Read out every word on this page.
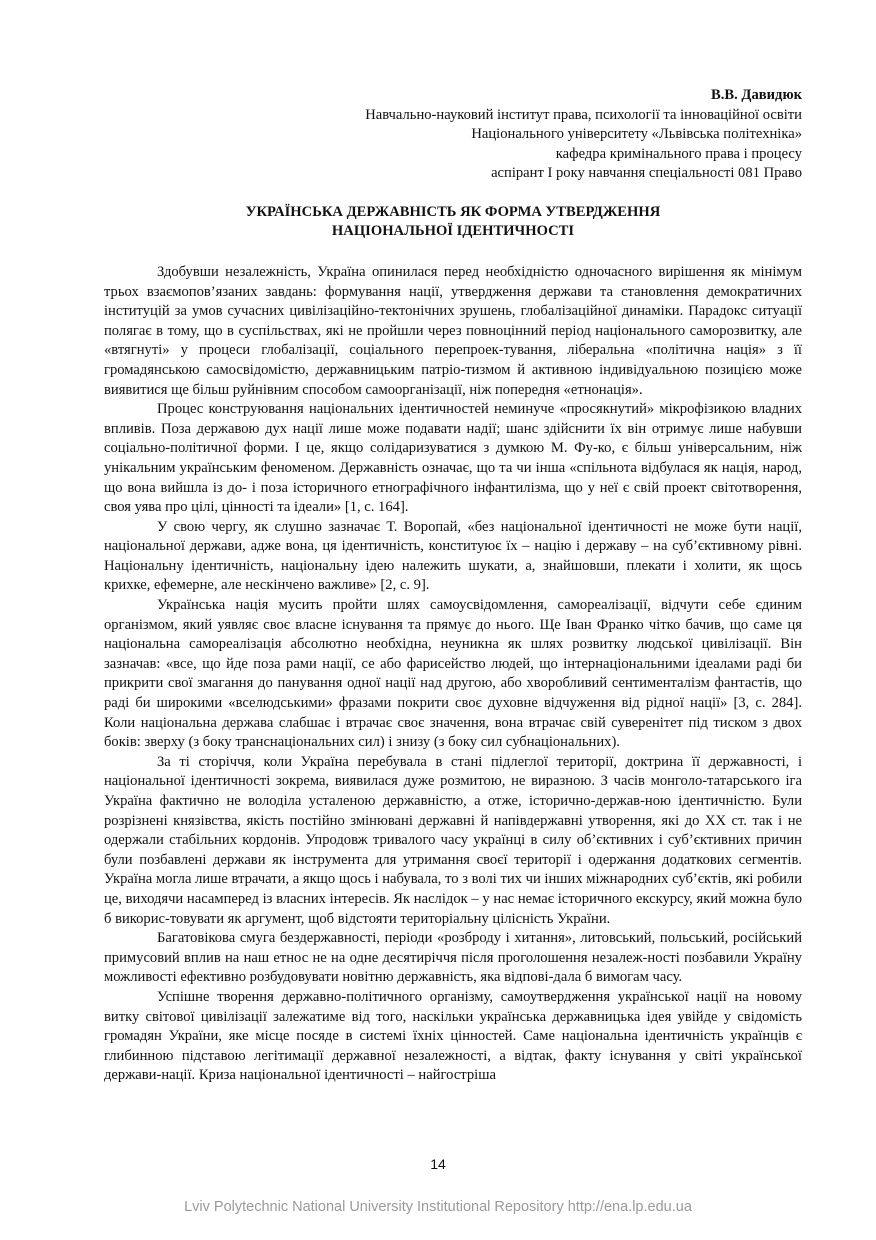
В.В. Давидюк
Навчально-науковий інститут права, психології та інноваційної освіти
Національного університету «Львівська політехніка»
кафедра кримінального права і процесу
аспірант I року навчання спеціальності 081 Право
УКРАЇНСЬКА ДЕРЖАВНІСТЬ ЯК ФОРМА УТВЕРДЖЕННЯ
НАЦІОНАЛЬНОЇ ІДЕНТИЧНОСТІ

Здобувши незалежність, Україна опинилася перед необхідністю одночасного вирішення як мінімум трьох взаємопов’язаних завдань: формування нації, утвердження держави та становлення демократичних інституцій за умов сучасних цивілізаційно-тектонічних зрушень, глобалізаційної динаміки. Парадокс ситуації полягає в тому, що в суспільствах, які не пройшли через повноцінний період національного саморозвитку, але «втягнуті» у процеси глобалізації, соціального перепроек-тування, ліберальна «політична нація» з її громадянською самосвідомістю, державницьким патріо-тизмом й активною індивідуальною позицією може виявитися ще більш руйнівним способом самоорганізації, ніж попередня «етнонація».

Процес конструювання національних ідентичностей неминуче «просякнутий» мікрофізикою владних впливів. Поза державою дух нації лише може подавати надії; шанс здійснити їх він отримує лише набувши соціально-політичної форми. І це, якщо солідаризуватися з думкою М. Фу-ко, є більш універсальним, ніж унікальним українським феноменом. Державність означає, що та чи інша «спільнота відбулася як нація, народ, що вона вийшла із до- і поза історичного етнографічного інфантилізма, що у неї є свій проект світотворення, своя уява про цілі, цінності та ідеали» [1, с. 164].

У свою чергу, як слушно зазначає Т. Воропай, «без національної ідентичності не може бути нації, національної держави, адже вона, ця ідентичність, конституює їх – націю і державу – на суб’єктивному рівні. Національну ідентичність, національну ідею належить шукати, а, знайшовши, плекати і холити, як щось крихке, ефемерне, але нескінчено важливе» [2, с. 9].

Українська нація мусить пройти шлях самоусвідомлення, самореалізації, відчути себе єдиним організмом, який уявляє своє власне існування та прямує до нього. Ще Іван Франко чітко бачив, що саме ця національна самореалізація абсолютно необхідна, неуникна як шлях розвитку людської цивілізації. Він зазначав: «все, що йде поза рами нації, се або фарисейство людей, що інтернаціональними ідеалами раді би прикрити свої змагання до панування одної нації над другою, або хворобливий сентименталізм фантастів, що раді би широкими «вселюдськими» фразами покрити своє духовне відчуження від рідної нації» [3, с. 284]. Коли національна держава слабшає і втрачає своє значення, вона втрачає свій суверенітет під тиском з двох боків: зверху (з боку транснаціональних сил) і знизу (з боку сил субнаціональних).

За ті сторіччя, коли Україна перебувала в стані підлеглої території, доктрина її державності, і національної ідентичності зокрема, виявилася дуже розмитою, не виразною. З часів монголо-татарського іга Україна фактично не володіла усталеною державністю, а отже, історично-держав-ною ідентичністю. Були розрізнені князівства, якість постійно змінювані державні й напівдержавні утворення, які до XX ст. так і не одержали стабільних кордонів. Упродовж тривалого часу українці в силу об’єктивних і суб’єктивних причин були позбавлені держави як інструмента для утримання своєї території і одержання додаткових сегментів. Україна могла лише втрачати, а якщо щось і набувала, то з волі тих чи інших міжнародних суб’єктів, які робили це, виходячи насамперед із власних інтересів. Як наслідок – у нас немає історичного екскурсу, який можна було б викорис-товувати як аргумент, щоб відстояти територіальну цілісність України.

Багатовікова смуга бездержавності, періоди «розброду і хитання», литовський, польський, російський примусовий вплив на наш етнос не на одне десятиріччя після проголошення незалеж-ності позбавили Україну можливості ефективно розбудовувати новітню державність, яка відпові-дала б вимогам часу.

Успішне творення державно-політичного організму, самоутвердження української нації на новому витку світової цивілізації залежатиме від того, наскільки українська державницька ідея увійде у свідомість громадян України, яке місце посяде в системі їхніх цінностей. Саме національна ідентичність українців є глибинною підставою легітимації державної незалежності, а відтак, факту існування у світі української держави-нації. Криза національної ідентичності – найгостріша

14
Lviv Polytechnic National University Institutional Repository http://ena.lp.edu.ua
